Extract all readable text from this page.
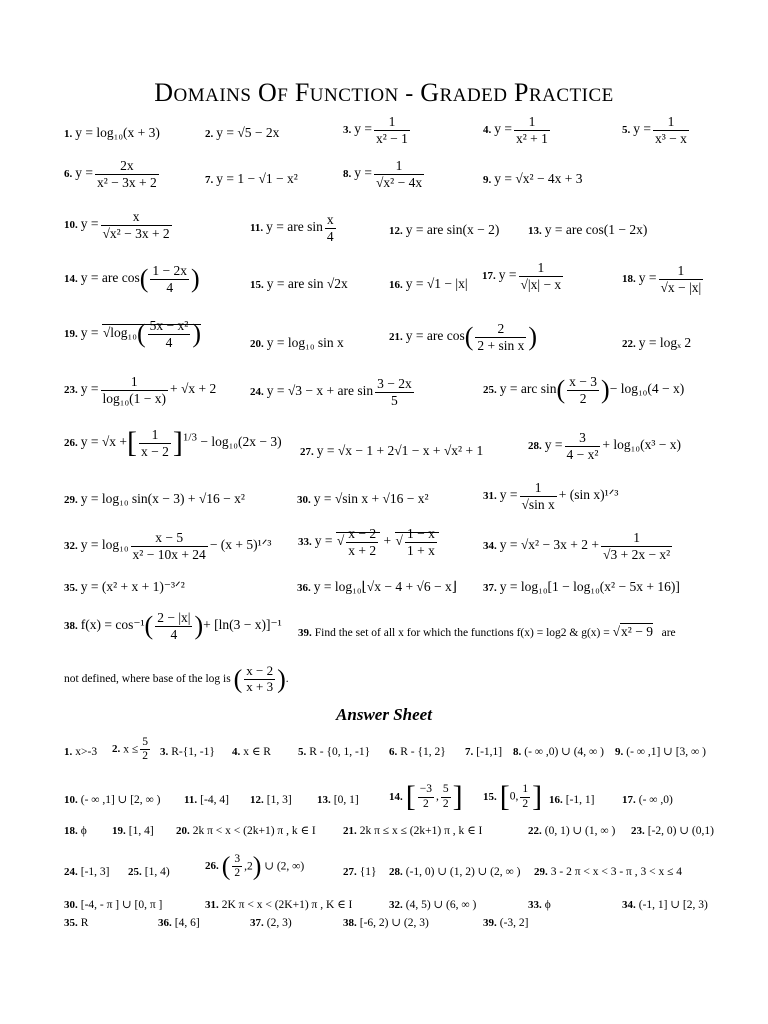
DOMAINS OF FUNCTION - GRADED PRACTICE
1. y = log₁₀(x + 3)	2. y = √5 − 2x	3. $y = \frac{1}{\text{x² − 1}}$	4. $y = \frac{1}{\text{x² + 1}}$	5. $y = \frac{1}{\text{x³ − x}}$
6. $y = \frac{2x}{\text{x² − 3x + 2}}$	7. y = 1 − √1 − x²	8. $y = \frac{1}{\text{√x² − 4x}}$	9. y = √x² − 4x + 3
10. $y = \frac{x}{\text{√x² − 3x + 2}}$	11. y = are $\sin \frac{x}{4}$	12. y = are sin(x − 2)	13. y = are cos(1 − 2x)
14. y = are $\cos( \frac{1 - 2x}{4}$ )	15. y = are sin √2x	16. y = √1 − |x| 17. $y = \frac{1}{√|x| - x}$	18. $y = \frac{1}{√x - |x|}$
19. $y = √\log_{10}( \frac{\text{5x − x²}}{4}$ )	20. y = log₁₀ sin x	21. y = are $\cos( \frac{2}{\text{2 + sin x}}$ )	22. y = logₓ 2
23. $y = \frac{1}{\text{log₁₀(1 − x)}} + √x + 2$	24. y = √3 − x + are $\sin \frac{3 - 2x}{5}$	25. y = arc $\sin( \frac{x - 3}{2}$ )− log₁₀(4 − x)
26. y = √x +[ $\frac{1}{x - 2} ]^{1/3} - \log_{10}(2x - 3)$
27. y = √x − 1 + 2√1 − x + √x² + 1	28. $y = \frac{3}{\text{4 − x²}} + \log_{10}(x^3 - x)$
29. y = log₁₀ sin(x − 3) + √16 − x²	30. y = √sin x + √16 − x²	31. $y = \frac{1}{\text{√sin x}} + (\sin$ x)¹ᐟ³
32. $y = \log_{10} \frac{x - 5}{\text{x² − 10x + 24}} - (x$ + 5)¹ᐟ³ 33. y = √ $\frac{x - 2}{x + 2}$ + √ $\frac{1 - x}{1 + x}$	34. $y = √x^2 - 3x + 2 + \frac{1}{\text{√3 + 2x − x²}}$
35. y = (x² + x + 1)⁻³ᐟ²	36. y = log₁₀⌊√x − 4 + √6 − x⌋ 37. y = log₁₀[1 − log₁₀(x² − 5x + 16)]
38. $f(x) = \cos^{-1}( \frac{2 - |x|}{4}$ )+ [ln(3 − x)]⁻¹
39. Find the set of all x for which the functions f(x) = log2 & g(x) = √x² − 9 are
not defined, where base of the log is ( $\frac{x - 2}{x + 3}$ ).
Answer Sheet
1. x>-3 2. $x \le \frac{5}{2} 3$. R-{1, -1} 4. x ∈ R 5. R - {0, 1, -1} 6. R - {1, 2} 7. [-1,1] 8. (- ∞ ,0) ∪ (4, ∞ ) 9. (- ∞ ,1] ∪ [3, ∞ )
10. (- ∞ ,1] ∪ [2, ∞ ) 11. [-4, 4] 12. [1, 3] 13. [0, 1]	14. [ $\frac{-3}{2}$ , $\frac{5}{2}$ ] 15. [0, $\frac{1}{2}$ ] 16. [-1, 1]	17. (- ∞ ,0)
18. ϕ 19. [1, 4] 20. 2k π < x < (2k+1) π , k ∈ I 21. 2k π ≤ x ≤ (2k+1) π , k ∈ I	22. (0, 1) ∪ (1, ∞ ) 23. [-2, 0) ∪ (0,1)
24. [-1, 3] 25. [1, 4)	26. ( $\frac{3}{2} ,2$) ∪ (2, ∞)	27. {1} 28. (-1, 0) ∪ (1, 2) ∪ (2, ∞ ) 29. 3 - 2 π < x < 3 - π , 3 < x ≤ 4
30. [-4, - π ] ∪ [0, π ]	31. 2K π < x < (2K+1) π , K ∈ I	32. (4, 5) ∪ (6, ∞ )	33. ϕ	34. (-1, 1] ∪ [2, 3)
35. R	36. [4, 6]	37. (2, 3)	38. [-6, 2) ∪ (2, 3)	39. (-3, 2]
